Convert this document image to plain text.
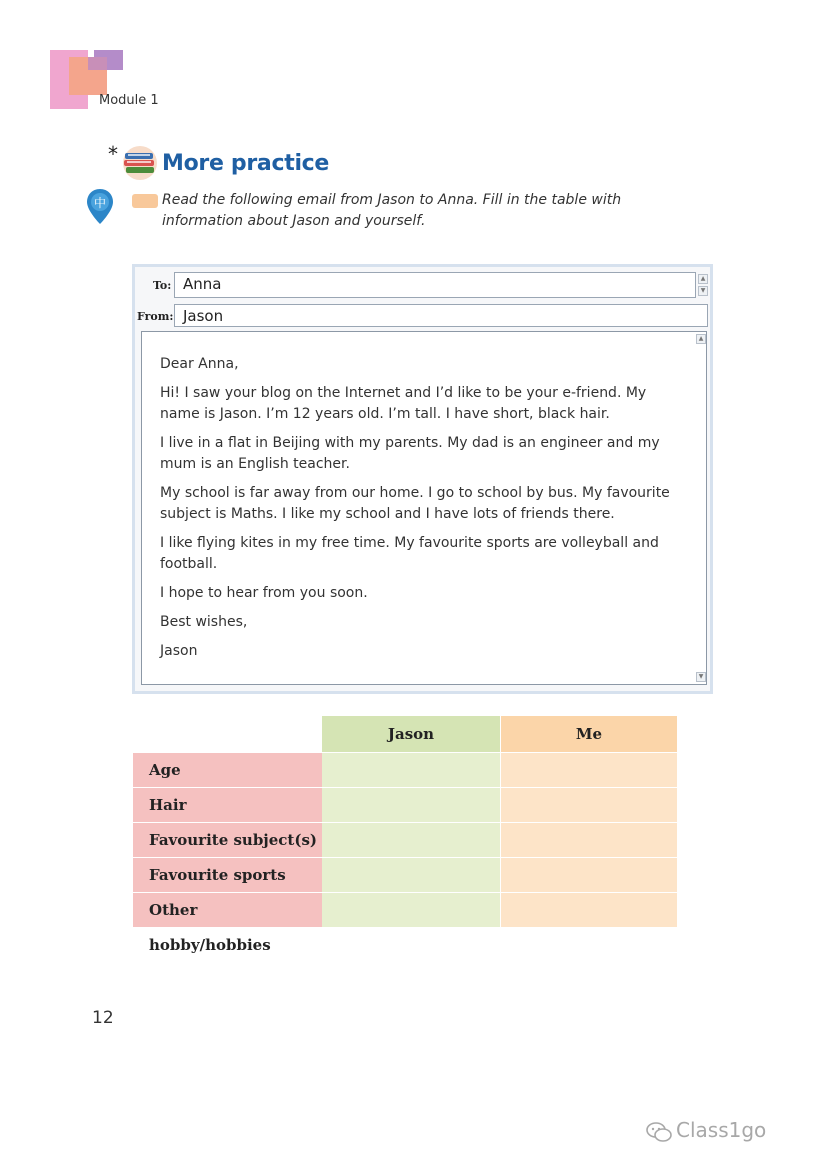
Module 1
* More practice
中	Read the following email from Jason to Anna. Fill in the table with information about Jason and yourself.
To: Anna	▲
▼
From: Jason

Dear Anna,

Hi! I saw your blog on the Internet and I’d like to be your e-friend. My name is Jason. I’m 12 years old. I’m tall. I have short, black hair.

I live in a flat in Beijing with my parents. My dad is an engineer and my mum is an English teacher.

My school is far away from our home. I go to school by bus. My favourite subject is Maths. I like my school and I have lots of friends there.

I like flying kites in my free time. My favourite sports are volleyball and football.

I hope to hear from you soon.

Best wishes,

Jason

▲
▼
Jason	Me
Age
Hair
Favourite subject(s)
Favourite sports
Other hobby/hobbies
12
Class1go
